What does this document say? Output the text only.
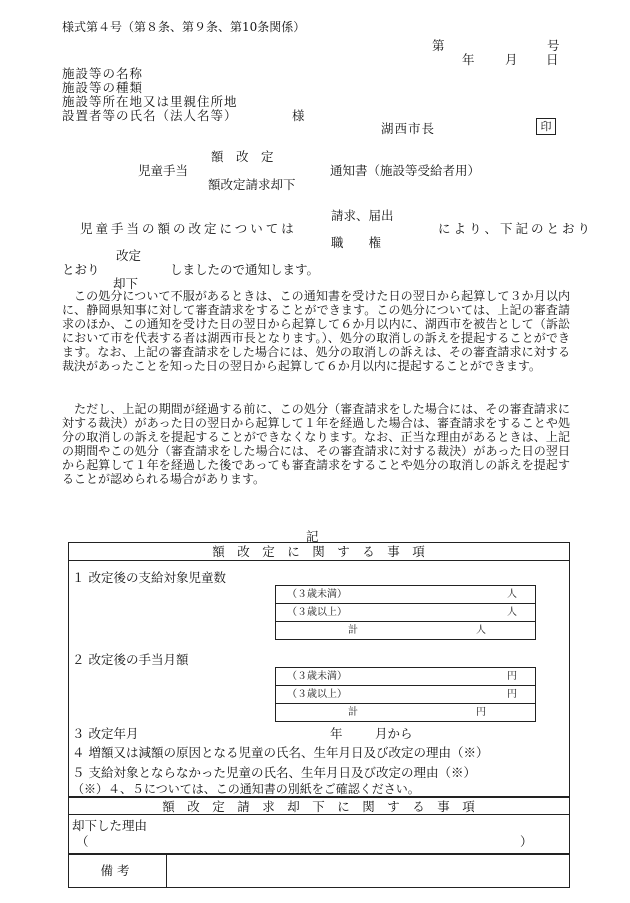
様式第４号（第８条、第９条、第10条関係）
第	号
年 月 日
施設等の名称
施設等の種類
施設等所在地又は里親住所地
設置者等の氏名（法人名等）	様
湖西市長	印
額　改　定
児童手当	通知書（施設等受給者用）
額改定請求却下
請求、届出
児童手当の額の改定については	により、下記のとおり
職　　権
改定
とおり	しましたので通知します。
却下
この処分について不服があるときは、この通知書を受けた日の翌日から起算して３か月以内に、静岡県知事に対して審査請求をすることができます。この処分については、上記の審査請求のほか、この通知を受けた日の翌日から起算して６か月以内に、湖西市を被告として（訴訟において市を代表する者は湖西市長となります。）、処分の取消しの訴えを提起することができます。なお、上記の審査請求をした場合には、処分の取消しの訴えは、その審査請求に対する裁決があったことを知った日の翌日から起算して６か月以内に提起することができます。
ただし、上記の期間が経過する前に、この処分（審査請求をした場合には、その審査請求に対する裁決）があった日の翌日から起算して１年を経過した場合は、審査請求をすることや処分の取消しの訴えを提起することができなくなります。なお、正当な理由があるときは、上記の期間やこの処分（審査請求をした場合には、その審査請求に対する裁決）があった日の翌日から起算して１年を経過した後であっても審査請求をすることや処分の取消しの訴えを提起することが認められる場合があります。
記
額　改　定　に　関　す　る　事　項
１ 改定後の支給対象児童数
（３歳未満）	人
（３歳以上）	人
計	人
２ 改定後の手当月額
（３歳未満）	円
（３歳以上）	円
計	円
３ 改定年月	年	月から
４ 増額又は減額の原因となる児童の氏名、生年月日及び改定の理由（※）
５ 支給対象とならなかった児童の氏名、生年月日及び改定の理由（※）
（※）４、５については、この通知書の別紙をご確認ください。
額　改　定　請　求　却　下　に　関　す　る　事　項
却下した理由
（	）
備考
